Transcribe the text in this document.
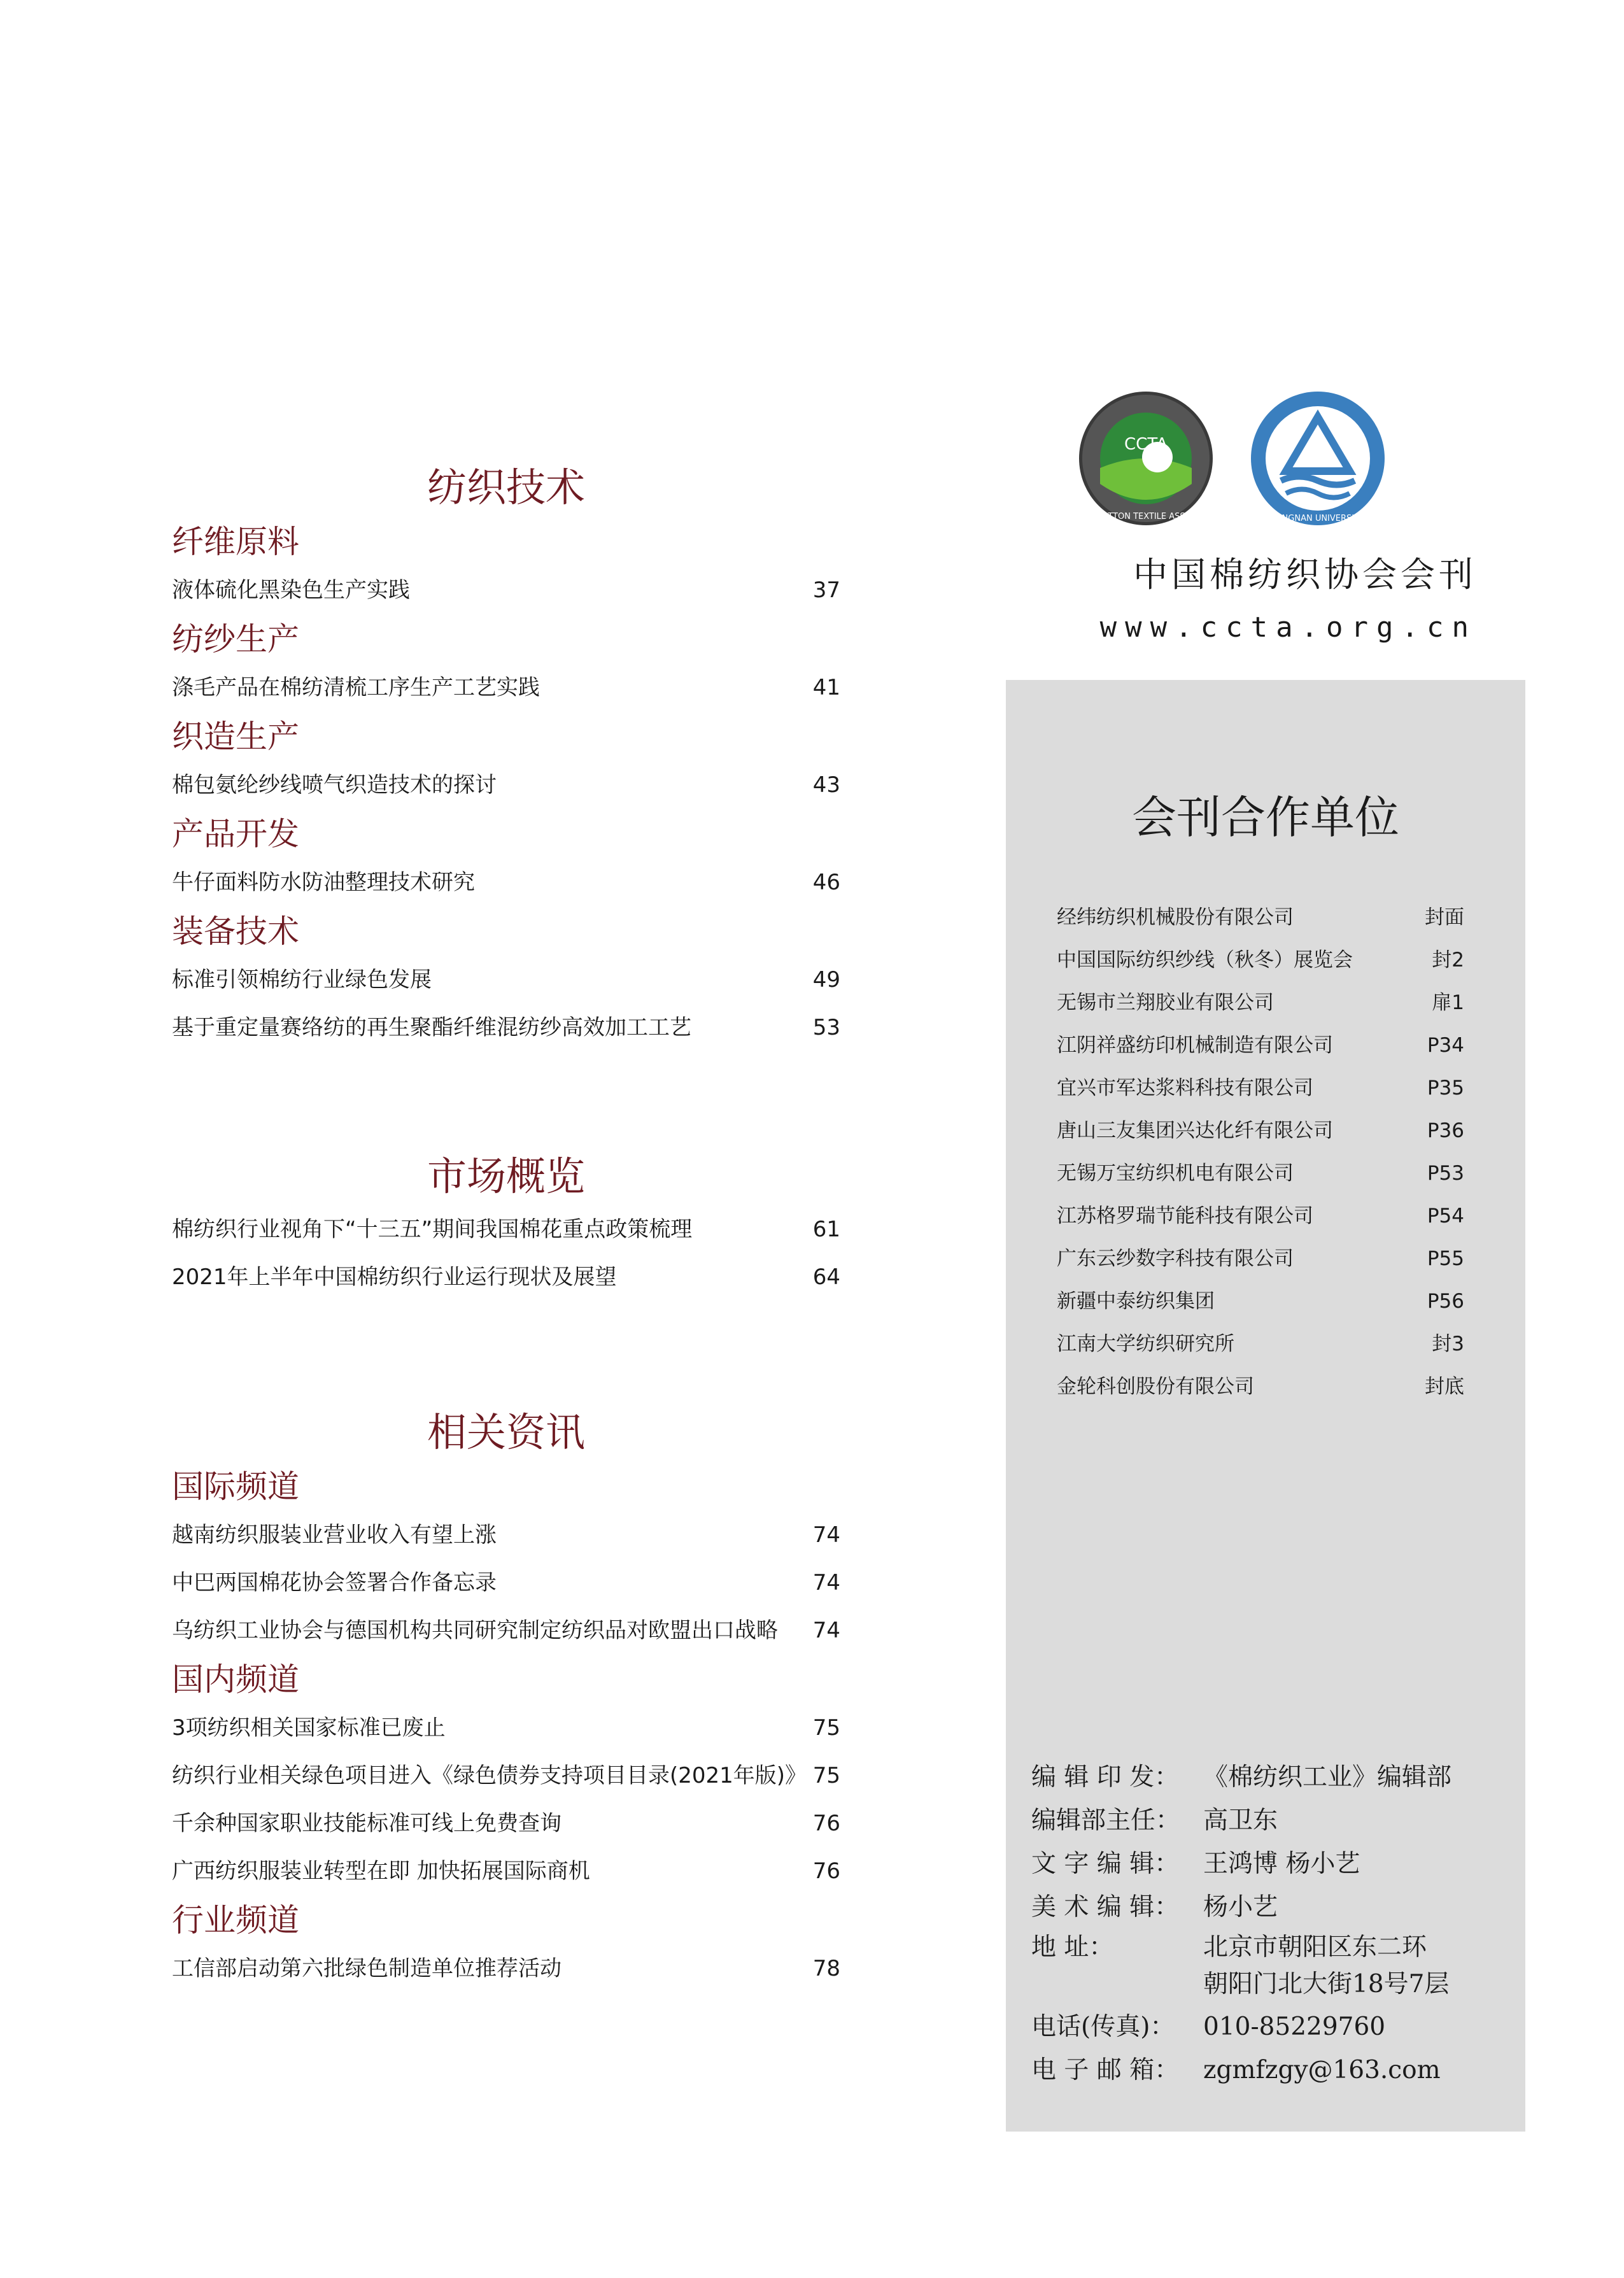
纺织技术
纤维原料
液体硫化黑染色生产实践	37
纺纱生产
涤毛产品在棉纺清梳工序生产工艺实践	41
织造生产
棉包氨纶纱线喷气织造技术的探讨	43
产品开发
牛仔面料防水防油整理技术研究	46
装备技术
标准引领棉纺行业绿色发展	49
基于重定量赛络纺的再生聚酯纤维混纺纱高效加工工艺	53
市场概览
棉纺织行业视角下“十三五”期间我国棉花重点政策梳理	61
2021年上半年中国棉纺织行业运行现状及展望	64
相关资讯
国际频道
越南纺织服装业营业收入有望上涨	74
中巴两国棉花协会签署合作备忘录	74
乌纺织工业协会与德国机构共同研究制定纺织品对欧盟出口战略 74
国内频道
3项纺织相关国家标准已废止	75
纺织行业相关绿色项目进入《绿色债券支持项目目录(2021年版)》 75
千余种国家职业技能标准可线上免费查询	76
广西纺织服装业转型在即 加快拓展国际商机	76
行业频道
工信部启动第六批绿色制造单位推荐活动	78
CCTA
CHINA COTTON TEXTILE ASSOCIATION	JIANGNAN UNIVERSITY
中国棉纺织协会会刊
www.ccta.org.cn
会刊合作单位
经纬纺织机械股份有限公司	封面
中国国际纺织纱线（秋冬）展览会	封2
无锡市兰翔胶业有限公司	扉1
江阴祥盛纺印机械制造有限公司	P34
宜兴市军达浆料科技有限公司	P35
唐山三友集团兴达化纤有限公司	P36
无锡万宝纺织机电有限公司	P53
江苏格罗瑞节能科技有限公司	P54
广东云纱数字科技有限公司	P55
新疆中泰纺织集团	P56
江南大学纺织研究所	封3
金轮科创股份有限公司	封底
编 辑 印 发： 《棉纺织工业》编辑部
编辑部主任： 高卫东
文 字 编 辑： 王鸿博 杨小艺
美 术 编 辑： 杨小艺
地 址：	北京市朝阳区东二环
朝阳门北大街18号7层
电话(传真)：	010-85229760
电 子 邮 箱： zgmfzgy@163.com
